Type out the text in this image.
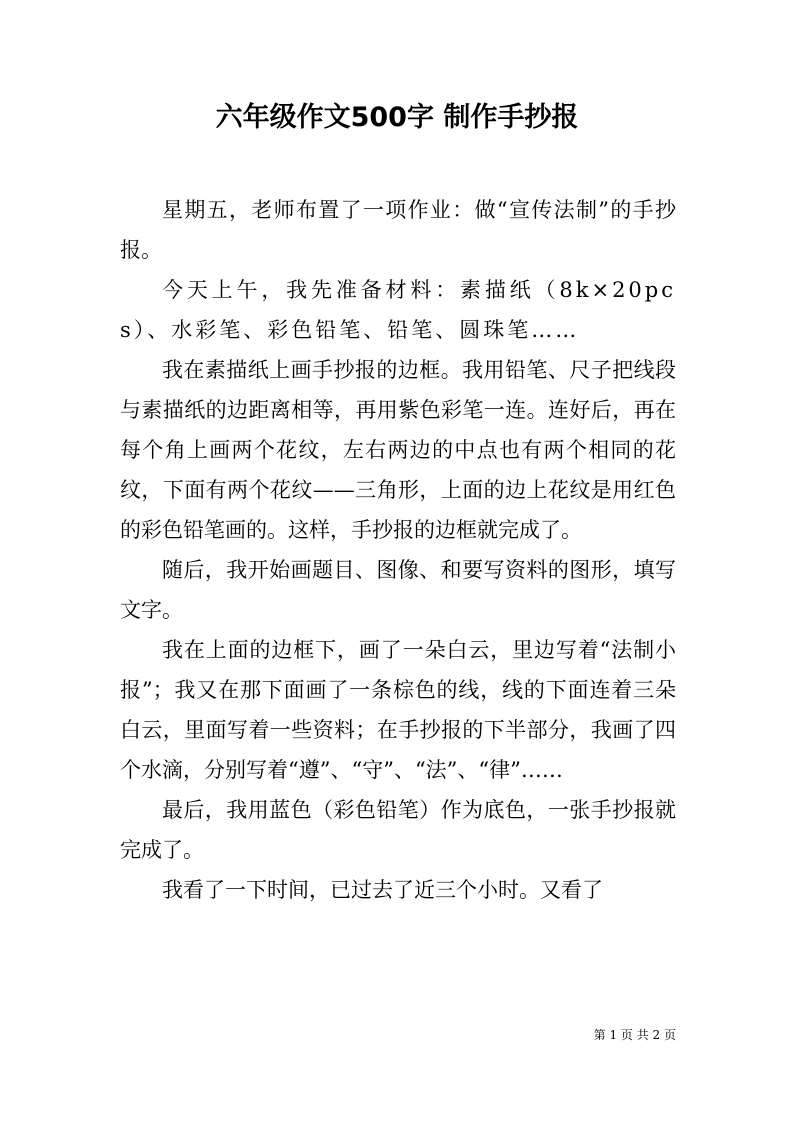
六年级作文500字 制作手抄报

星期五，老师布置了一项作业：做“宣传法制”的手抄报。

今天上午，我先准备材料：素描纸（8k×20pcs）、水彩笔、彩色铅笔、铅笔、圆珠笔……

我在素描纸上画手抄报的边框。我用铅笔、尺子把线段与素描纸的边距离相等，再用紫色彩笔一连。连好后，再在每个角上画两个花纹，左右两边的中点也有两个相同的花纹，下面有两个花纹——三角形，上面的边上花纹是用红色的彩色铅笔画的。这样，手抄报的边框就完成了。

随后，我开始画题目、图像、和要写资料的图形，填写文字。

我在上面的边框下，画了一朵白云，里边写着“法制小报”；我又在那下面画了一条棕色的线，线的下面连着三朵白云，里面写着一些资料；在手抄报的下半部分，我画了四个水滴，分别写着“遵”、“守”、“法”、“律”……

最后，我用蓝色（彩色铅笔）作为底色，一张手抄报就完成了。

我看了一下时间，已过去了近三个小时。又看了

第 1 页 共 2 页
